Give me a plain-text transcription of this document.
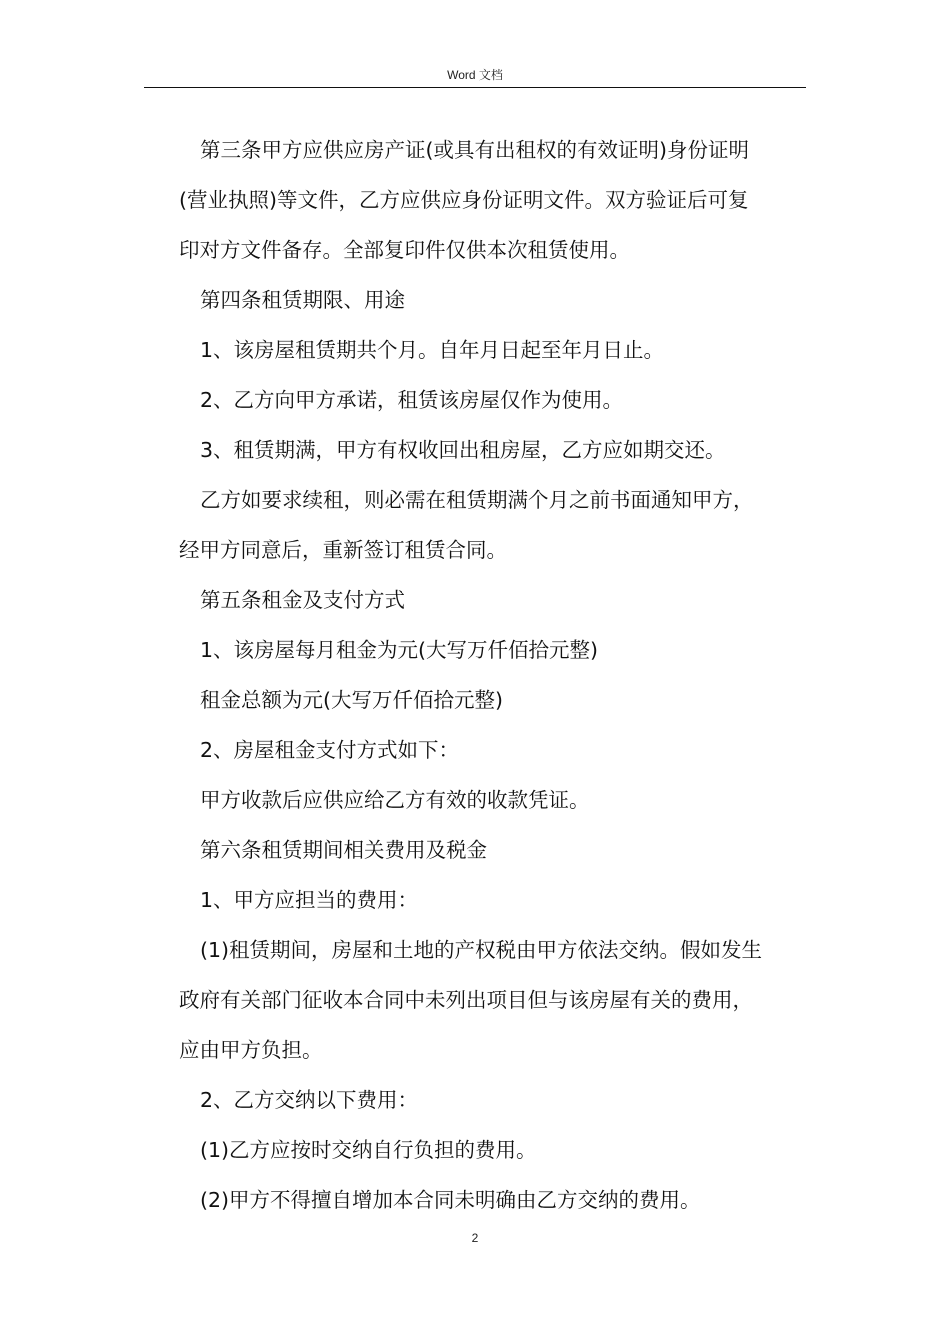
Word 文档

第三条甲方应供应房产证(或具有出租权的有效证明)身份证明

(营业执照)等文件，乙方应供应身份证明文件。双方验证后可复

印对方文件备存。全部复印件仅供本次租赁使用。

第四条租赁期限、用途

1、该房屋租赁期共个月。自年月日起至年月日止。

2、乙方向甲方承诺，租赁该房屋仅作为使用。

3、租赁期满，甲方有权收回出租房屋，乙方应如期交还。

乙方如要求续租，则必需在租赁期满个月之前书面通知甲方，

经甲方同意后，重新签订租赁合同。

第五条租金及支付方式

1、该房屋每月租金为元(大写万仟佰拾元整)

租金总额为元(大写万仟佰拾元整)

2、房屋租金支付方式如下：

甲方收款后应供应给乙方有效的收款凭证。

第六条租赁期间相关费用及税金

1、甲方应担当的费用：

(1)租赁期间，房屋和土地的产权税由甲方依法交纳。假如发生

政府有关部门征收本合同中未列出项目但与该房屋有关的费用，

应由甲方负担。

2、乙方交纳以下费用：

(1)乙方应按时交纳自行负担的费用。

(2)甲方不得擅自增加本合同未明确由乙方交纳的费用。

2
